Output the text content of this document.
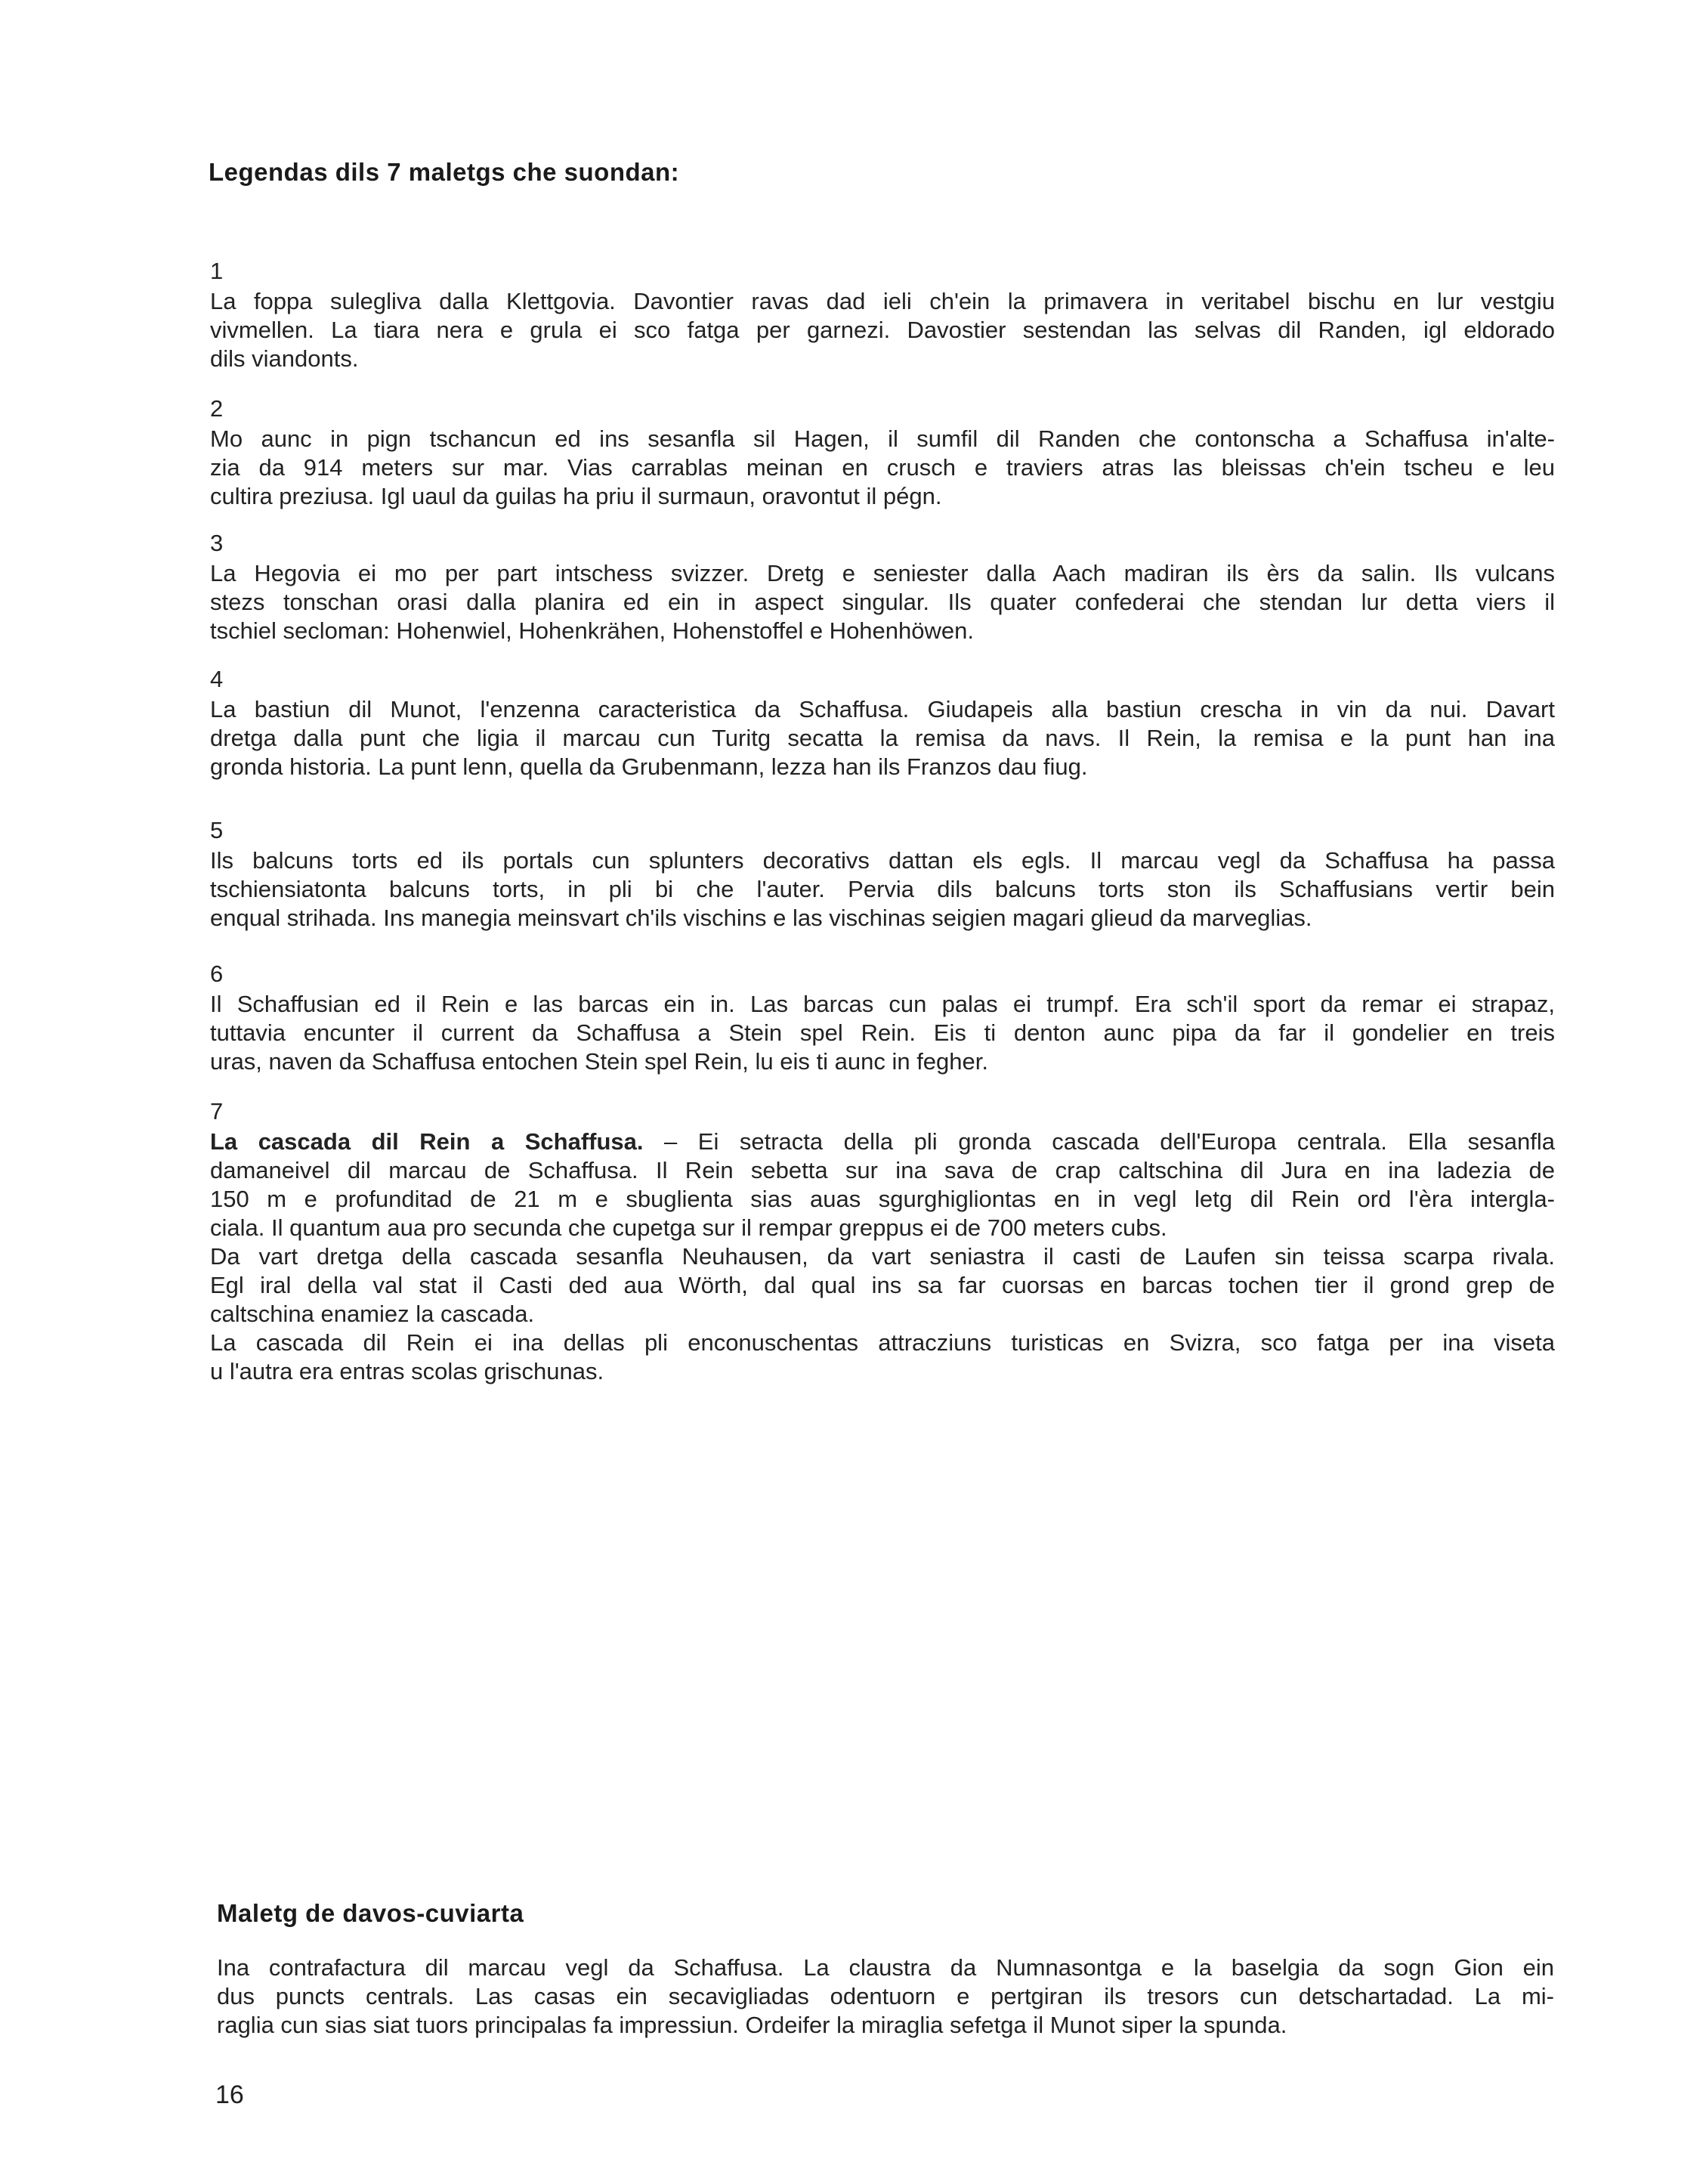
Legendas dils 7 maletgs che suondan:
1
La foppa sulegliva dalla Klettgovia. Davontier ravas dad ieli ch'ein la primavera in veritabel bischu en lur vestgiu
vivmellen. La tiara nera e grula ei sco fatga per garnezi. Davostier sestendan las selvas dil Randen, igl eldorado
dils viandonts.
2
Mo aunc in pign tschancun ed ins sesanfla sil Hagen, il sumfil dil Randen che contonscha a Schaffusa in'alte-
zia da 914 meters sur mar. Vias carrablas meinan en crusch e traviers atras las bleissas ch'ein tscheu e leu
cultira preziusa. Igl uaul da guilas ha priu il surmaun, oravontut il pégn.
3
La Hegovia ei mo per part intschess svizzer. Dretg e seniester dalla Aach madiran ils èrs da salin. Ils vulcans
stezs tonschan orasi dalla planira ed ein in aspect singular. Ils quater confederai che stendan lur detta viers il
tschiel secloman: Hohenwiel, Hohenkrähen, Hohenstoffel e Hohenhöwen.
4
La bastiun dil Munot, l'enzenna caracteristica da Schaffusa. Giudapeis alla bastiun crescha in vin da nui. Davart
dretga dalla punt che ligia il marcau cun Turitg secatta la remisa da navs. Il Rein, la remisa e la punt han ina
gronda historia. La punt lenn, quella da Grubenmann, lezza han ils Franzos dau fiug.
5
Ils balcuns torts ed ils portals cun splunters decorativs dattan els egls. Il marcau vegl da Schaffusa ha passa
tschiensiatonta balcuns torts, in pli bi che l'auter. Pervia dils balcuns torts ston ils Schaffusians vertir bein
enqual strihada. Ins manegia meinsvart ch'ils vischins e las vischinas seigien magari glieud da marveglias.
6
Il Schaffusian ed il Rein e las barcas ein in. Las barcas cun palas ei trumpf. Era sch'il sport da remar ei strapaz,
tuttavia encunter il current da Schaffusa a Stein spel Rein. Eis ti denton aunc pipa da far il gondelier en treis
uras, naven da Schaffusa entochen Stein spel Rein, lu eis ti aunc in fegher.
7
La cascada dil Rein a Schaffusa. – Ei setracta della pli gronda cascada dell'Europa centrala. Ella sesanfla
damaneivel dil marcau de Schaffusa. Il Rein sebetta sur ina sava de crap caltschina dil Jura en ina ladezia de
150 m e profunditad de 21 m e sbuglienta sias auas sgurghigliontas en in vegl letg dil Rein ord l'èra intergla-
ciala. Il quantum aua pro secunda che cupetga sur il rempar greppus ei de 700 meters cubs.
Da vart dretga della cascada sesanfla Neuhausen, da vart seniastra il casti de Laufen sin teissa scarpa rivala.
Egl iral della val stat il Casti ded aua Wörth, dal qual ins sa far cuorsas en barcas tochen tier il grond grep de
caltschina enamiez la cascada.
La cascada dil Rein ei ina dellas pli enconuschentas attracziuns turisticas en Svizra, sco fatga per ina viseta
u l'autra era entras scolas grischunas.
Maletg de davos-cuviarta
Ina contrafactura dil marcau vegl da Schaffusa. La claustra da Numnasontga e la baselgia da sogn Gion ein
dus puncts centrals. Las casas ein secavigliadas odentuorn e pertgiran ils tresors cun detschartadad. La mi-
raglia cun sias siat tuors principalas fa impressiun. Ordeifer la miraglia sefetga il Munot siper la spunda.
16
